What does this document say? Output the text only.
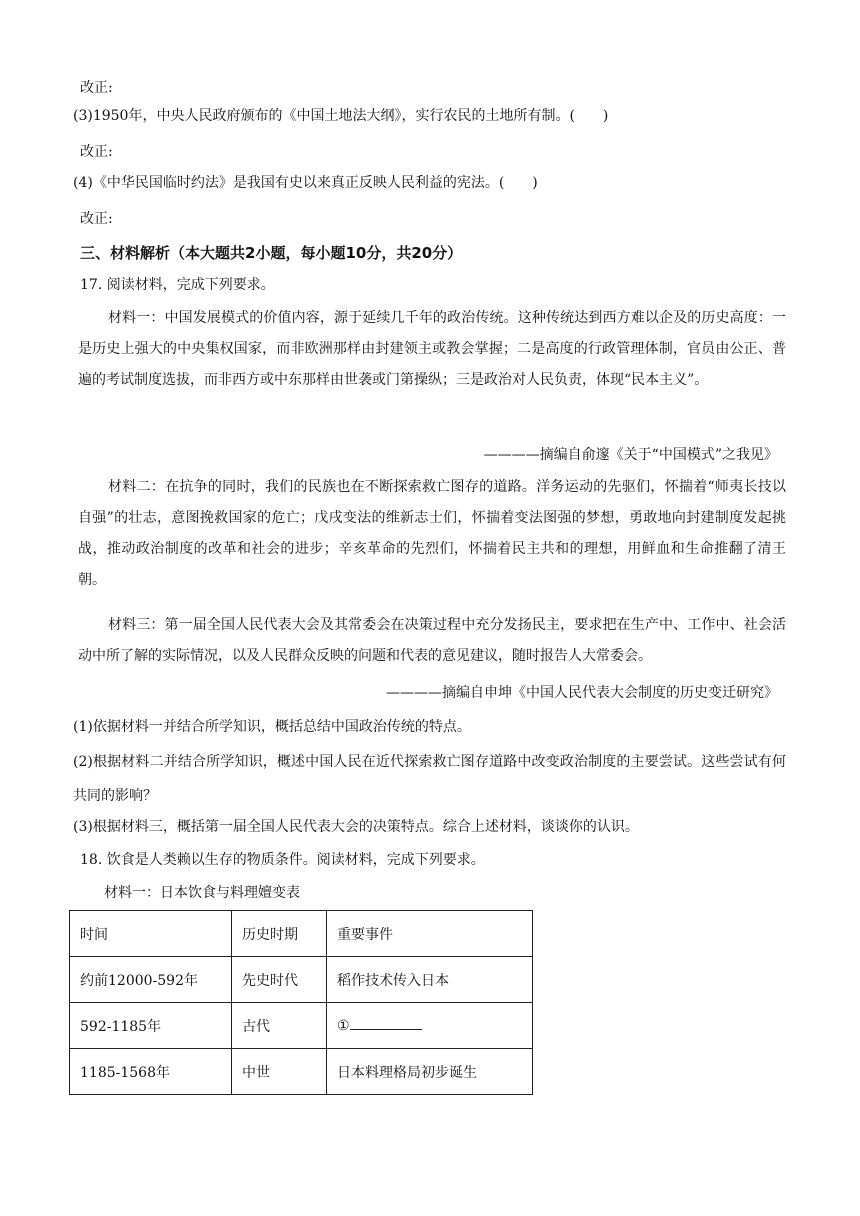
改正:
(3)1950年，中央人民政府颁布的《中国土地法大纲》，实行农民的土地所有制。(　　)
改正:
(4)《中华民国临时约法》是我国有史以来真正反映人民利益的宪法。(　　)
改正:
三、材料解析（本大题共2小题，每小题10分，共20分）
17. 阅读材料，完成下列要求。
材料一：中国发展模式的价值内容，源于延续几千年的政治传统。这种传统达到西方难以企及的历史高度：一是历史上强大的中央集权国家，而非欧洲那样由封建领主或教会掌握；二是高度的行政管理体制，官员由公正、普遍的考试制度选拔，而非西方或中东那样由世袭或门第操纵；三是政治对人民负责，体现“民本主义”。
————摘编自俞邃《关于“中国模式”之我见》
材料二：在抗争的同时，我们的民族也在不断探索救亡图存的道路。洋务运动的先驱们，怀揣着“师夷长技以自强”的壮志，意图挽救国家的危亡；戊戌变法的维新志士们，怀揣着变法图强的梦想，勇敢地向封建制度发起挑战，推动政治制度的改革和社会的进步；辛亥革命的先烈们，怀揣着民主共和的理想，用鲜血和生命推翻了清王朝。
材料三：第一届全国人民代表大会及其常委会在决策过程中充分发扬民主，要求把在生产中、工作中、社会活动中所了解的实际情况，以及人民群众反映的问题和代表的意见建议，随时报告人大常委会。
————摘编自申坤《中国人民代表大会制度的历史变迁研究》
(1)依据材料一并结合所学知识，概括总结中国政治传统的特点。
(2)根据材料二并结合所学知识，概述中国人民在近代探索救亡图存道路中改变政治制度的主要尝试。这些尝试有何共同的影响？
(3)根据材料三，概括第一届全国人民代表大会的决策特点。综合上述材料，谈谈你的认识。
18. 饮食是人类赖以生存的物质条件。阅读材料，完成下列要求。
材料一：日本饮食与料理嬗变表
时间	历史时期	重要事件
约前12000-592年	先史时代	稻作技术传入日本
592-1185年	古代	①
1185-1568年	中世	日本料理格局初步诞生
